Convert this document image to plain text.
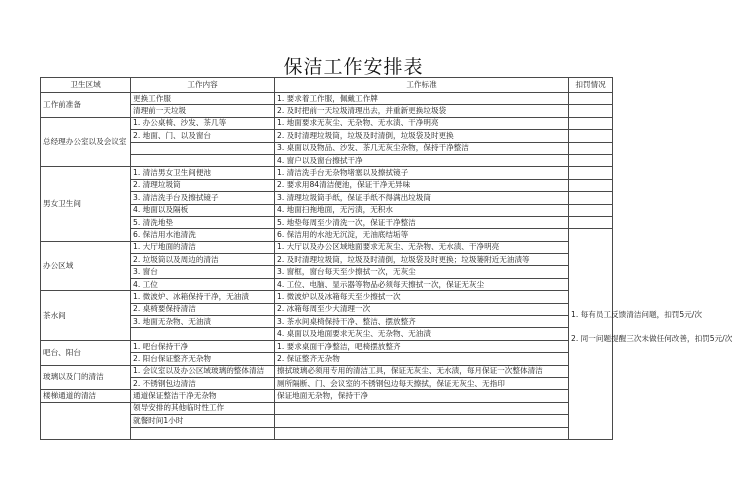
保洁工作安排表
卫生区域	工作内容	工作标准	扣罚情况
工作前准备	更换工作服	1. 要求着工作服，佩戴工作牌	
	清理前一天垃圾	2. 及时把前一天垃圾清理出去，并重新更换垃圾袋	
总经理办公室以及会议室	1. 办公桌椅、沙发、茶几等	1. 地面要求无灰尘、无杂物、无水渍、干净明亮	
	2. 地面、门、以及窗台	2. 及时清理垃圾筒，垃圾及时清倒，垃圾袋及时更换	
		3. 桌面以及物品、沙发、茶几无灰尘杂物，保持干净整洁	
		4. 窗户以及窗台擦拭干净	
男女卫生间	1. 清洁男女卫生间便池	1. 清洁洗手台无杂物堵塞以及擦拭镜子	
	2. 清理垃圾筒	2. 要求用84清洁便池，保证干净无异味	
	3. 清洁洗手台及擦拭镜子	3. 清理垃圾筒手纸，保证手纸不得满出垃圾筒	
	4. 地面以及隔板	4. 地面扫拖地面，无污渍，无积水	
	5. 清洗地垫	5. 地垫每周至少清洗一次，保证干净整洁	
	6. 保洁用水池清洗	6. 保洁用的水池无沉淀，无油底结垢等	1. 每有员工反馈清洁问题，扣罚5元/次
2. 同一问题提醒三次未做任何改善，扣罚5元/次

办公区域	1. 大厅地面的清洁	1. 大厅以及办公区域地面要求无灰尘、无杂物、无水渍、干净明亮	
	2. 垃圾筒以及周边的清洁	2. 及时清理垃圾筒，垃圾及时清倒，垃圾袋及时更换；垃圾篓附近无油渍等	
	3. 窗台	3. 窗框，窗台每天至少擦拭一次，无灰尘	
	4. 工位	4. 工位、电脑、显示器等物品必须每天擦拭一次，保证无灰尘	
茶水间	1. 微波炉、冰箱保持干净，无油渍	1. 微波炉以及冰箱每天至少擦拭一次	
	2. 桌椅要保持清洁	2. 冰箱每周至少大清理一次	
	3. 地面无杂物、无油渍	3. 茶水间桌椅保持干净、整洁、摆放整齐	
		4. 桌面以及地面要求无灰尘、无杂物、无油渍	
吧台、阳台	1. 吧台保持干净	1. 要求桌面干净整洁，吧椅摆放整齐	
	2. 阳台保证整齐无杂物	2. 保证整齐无杂物	
玻璃以及门的清洁	1. 会议室以及办公区域玻璃的整体清洁	擦拭玻璃必须用专用的清洁工具，保证无灰尘、无水渍，每月保证一次整体清洁	
	2. 不锈钢包边清洁	厕所隔断、门、会议室的不锈钢包边每天擦拭，保证无灰尘、无指印	
楼梯通道的清洁	通道保证整洁干净无杂物	保证地面无杂物，保持干净	
	领导安排的其他临时性工作		
	就餐时间1小时		
